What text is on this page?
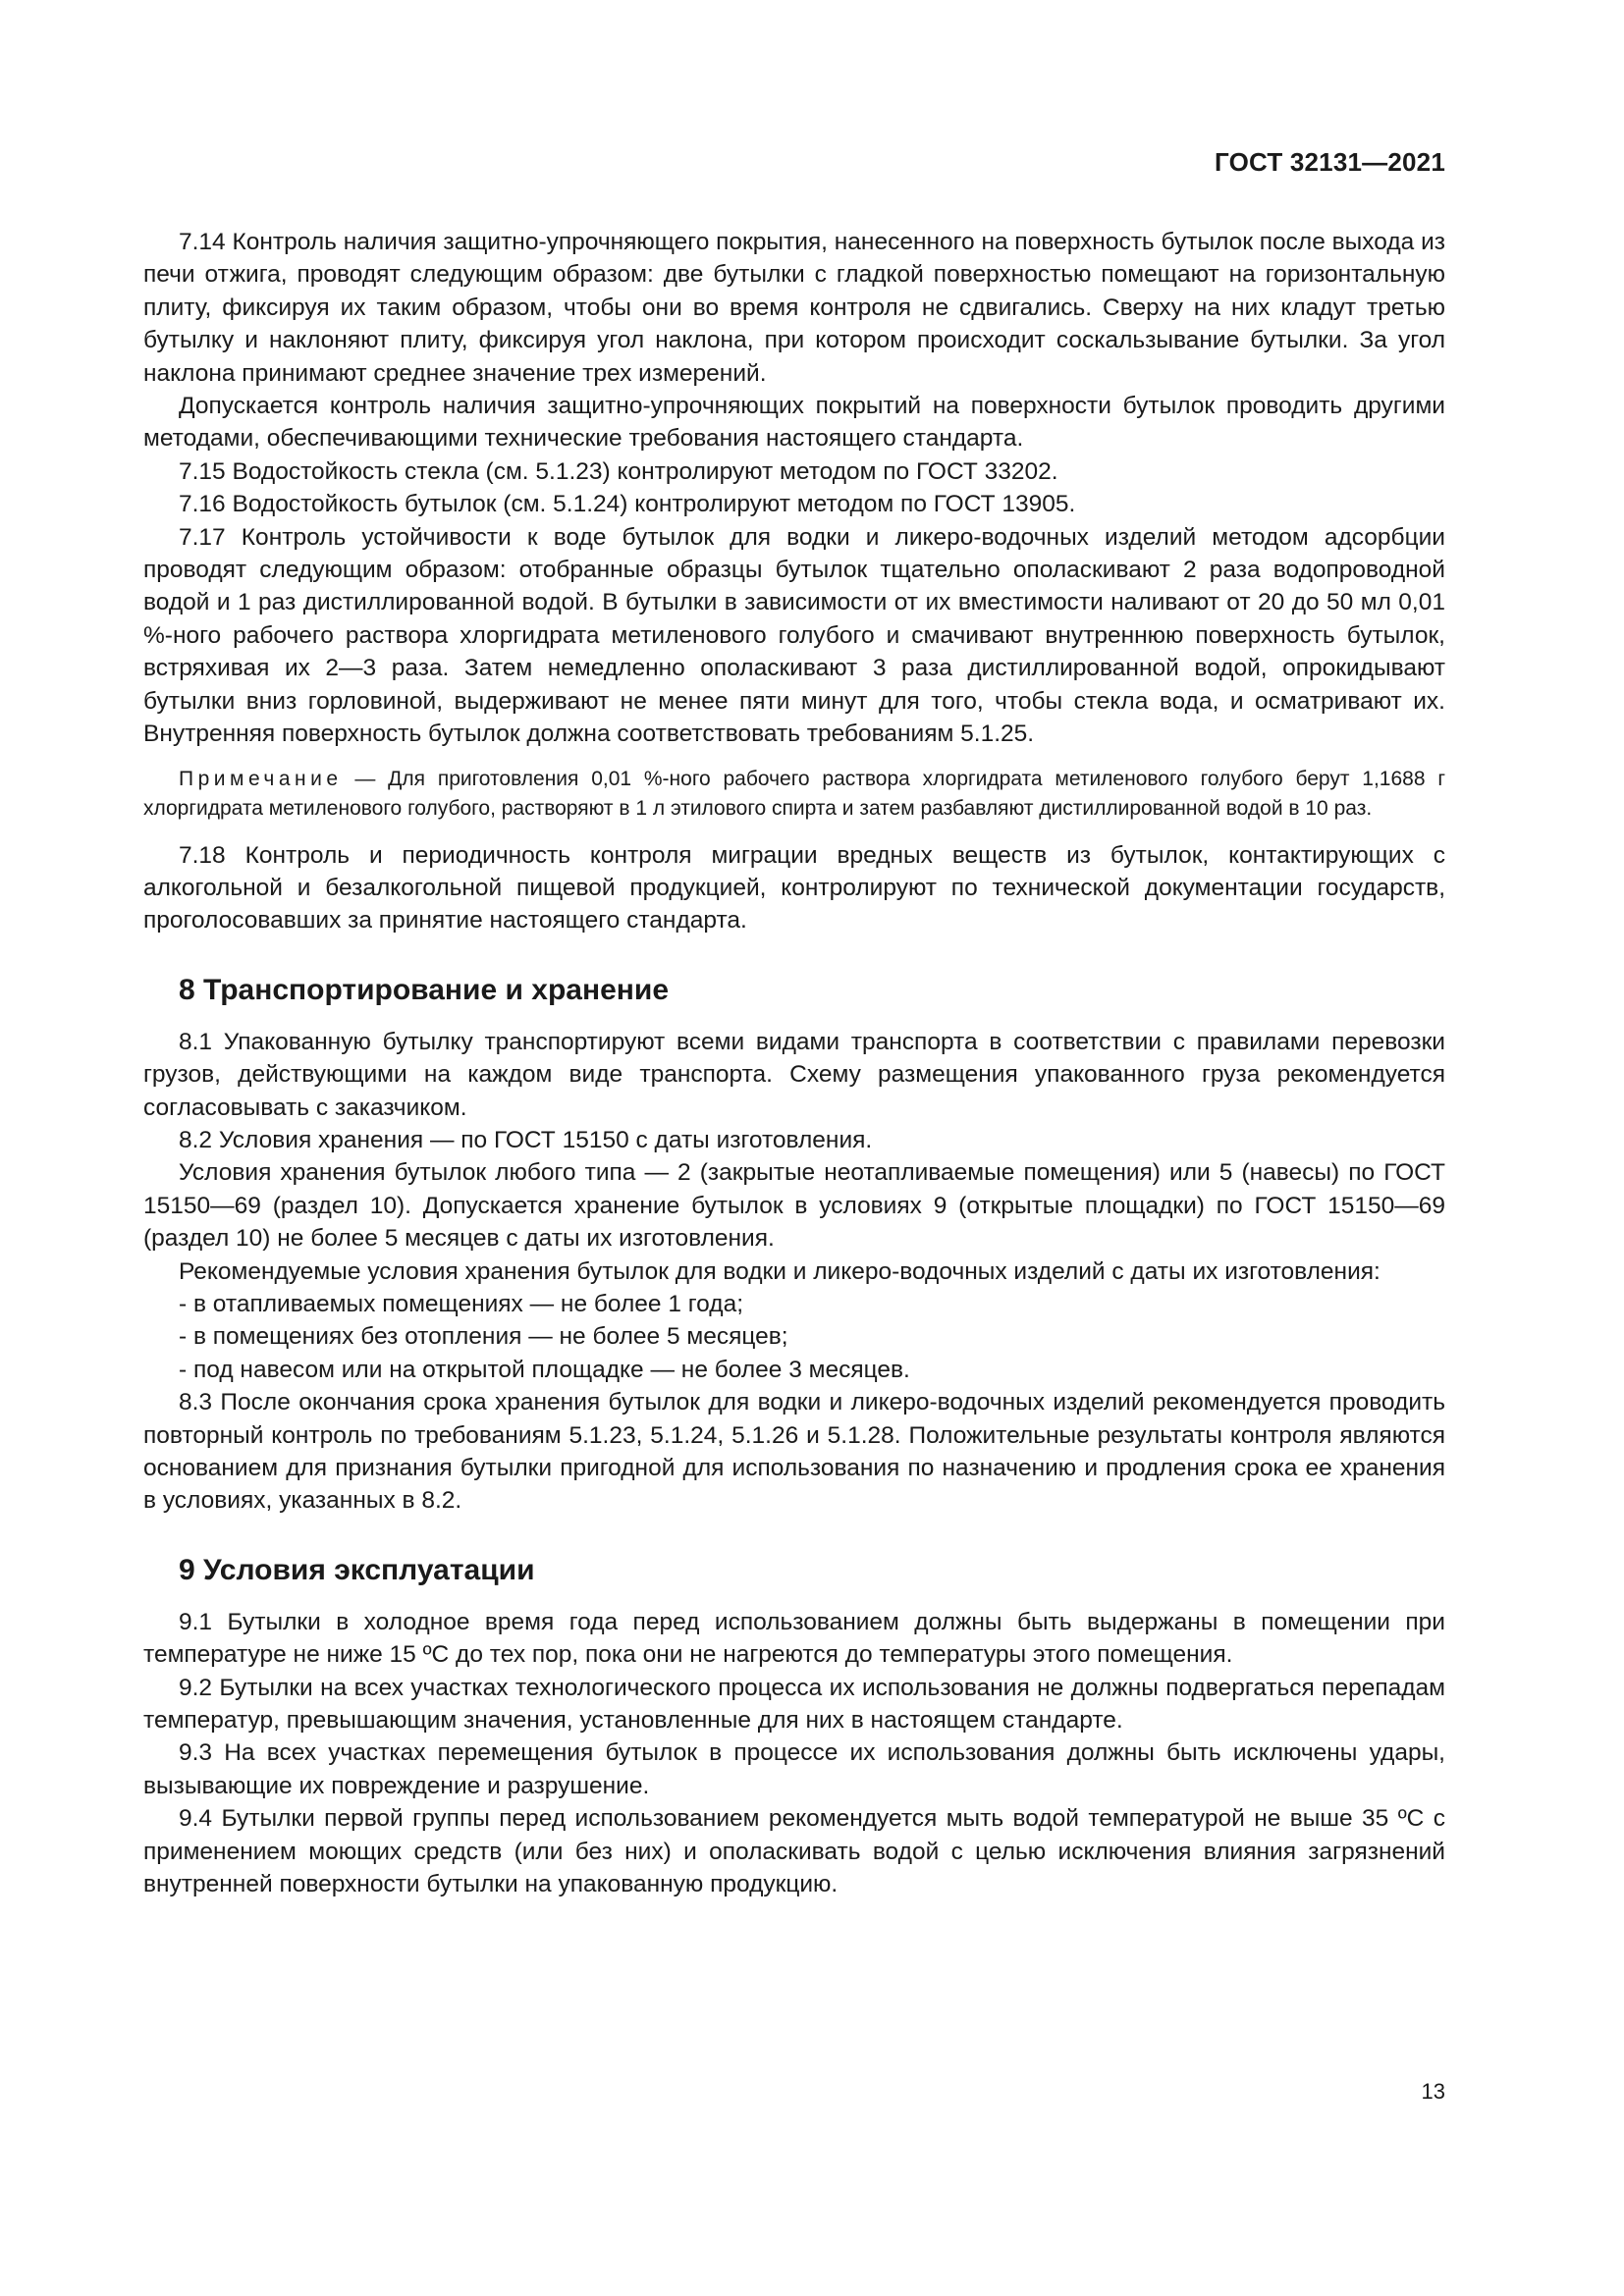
ГОСТ 32131—2021

7.14 Контроль наличия защитно-упрочняющего покрытия, нанесенного на поверхность бутылок после выхода из печи отжига, проводят следующим образом: две бутылки с гладкой поверхностью помещают на горизонтальную плиту, фиксируя их таким образом, чтобы они во время контроля не сдвигались. Сверху на них кладут третью бутылку и наклоняют плиту, фиксируя угол наклона, при котором происходит соскальзывание бутылки. За угол наклона принимают среднее значение трех измерений.

Допускается контроль наличия защитно-упрочняющих покрытий на поверхности бутылок проводить другими методами, обеспечивающими технические требования настоящего стандарта.

7.15 Водостойкость стекла (см. 5.1.23) контролируют методом по ГОСТ 33202.

7.16 Водостойкость бутылок (см. 5.1.24) контролируют методом по ГОСТ 13905.

7.17 Контроль устойчивости к воде бутылок для водки и ликеро-водочных изделий методом адсорбции проводят следующим образом: отобранные образцы бутылок тщательно ополаскивают 2 раза водопроводной водой и 1 раз дистиллированной водой. В бутылки в зависимости от их вместимости наливают от 20 до 50 мл 0,01 %-ного рабочего раствора хлоргидрата метиленового голубого и смачивают внутреннюю поверхность бутылок, встряхивая их 2—3 раза. Затем немедленно ополаскивают 3 раза дистиллированной водой, опрокидывают бутылки вниз горловиной, выдерживают не менее пяти минут для того, чтобы стекла вода, и осматривают их. Внутренняя поверхность бутылок должна соответствовать требованиям 5.1.25.

Примечание — Для приготовления 0,01 %-ного рабочего раствора хлоргидрата метиленового голубого берут 1,1688 г хлоргидрата метиленового голубого, растворяют в 1 л этилового спирта и затем разбавляют дистиллированной водой в 10 раз.

7.18 Контроль и периодичность контроля миграции вредных веществ из бутылок, контактирующих с алкогольной и безалкогольной пищевой продукцией, контролируют по технической документации государств, проголосовавших за принятие настоящего стандарта.

8 Транспортирование и хранение

8.1 Упакованную бутылку транспортируют всеми видами транспорта в соответствии с правилами перевозки грузов, действующими на каждом виде транспорта. Схему размещения упакованного груза рекомендуется согласовывать с заказчиком.

8.2 Условия хранения — по ГОСТ 15150 с даты изготовления.

Условия хранения бутылок любого типа — 2 (закрытые неотапливаемые помещения) или 5 (навесы) по ГОСТ 15150—69 (раздел 10). Допускается хранение бутылок в условиях 9 (открытые площадки) по ГОСТ 15150—69 (раздел 10) не более 5 месяцев с даты их изготовления.

Рекомендуемые условия хранения бутылок для водки и ликеро-водочных изделий с даты их изготовления:

- в отапливаемых помещениях — не более 1 года;

- в помещениях без отопления — не более 5 месяцев;

- под навесом или на открытой площадке — не более 3 месяцев.

8.3 После окончания срока хранения бутылок для водки и ликеро-водочных изделий рекомендуется проводить повторный контроль по требованиям 5.1.23, 5.1.24, 5.1.26 и 5.1.28. Положительные результаты контроля являются основанием для признания бутылки пригодной для использования по назначению и продления срока ее хранения в условиях, указанных в 8.2.

9 Условия эксплуатации

9.1 Бутылки в холодное время года перед использованием должны быть выдержаны в помещении при температуре не ниже 15 ºС до тех пор, пока они не нагреются до температуры этого помещения.

9.2 Бутылки на всех участках технологического процесса их использования не должны подвергаться перепадам температур, превышающим значения, установленные для них в настоящем стандарте.

9.3 На всех участках перемещения бутылок в процессе их использования должны быть исключены удары, вызывающие их повреждение и разрушение.

9.4 Бутылки первой группы перед использованием рекомендуется мыть водой температурой не выше 35 ºС с применением моющих средств (или без них) и ополаскивать водой с целью исключения влияния загрязнений внутренней поверхности бутылки на упакованную продукцию.

13
